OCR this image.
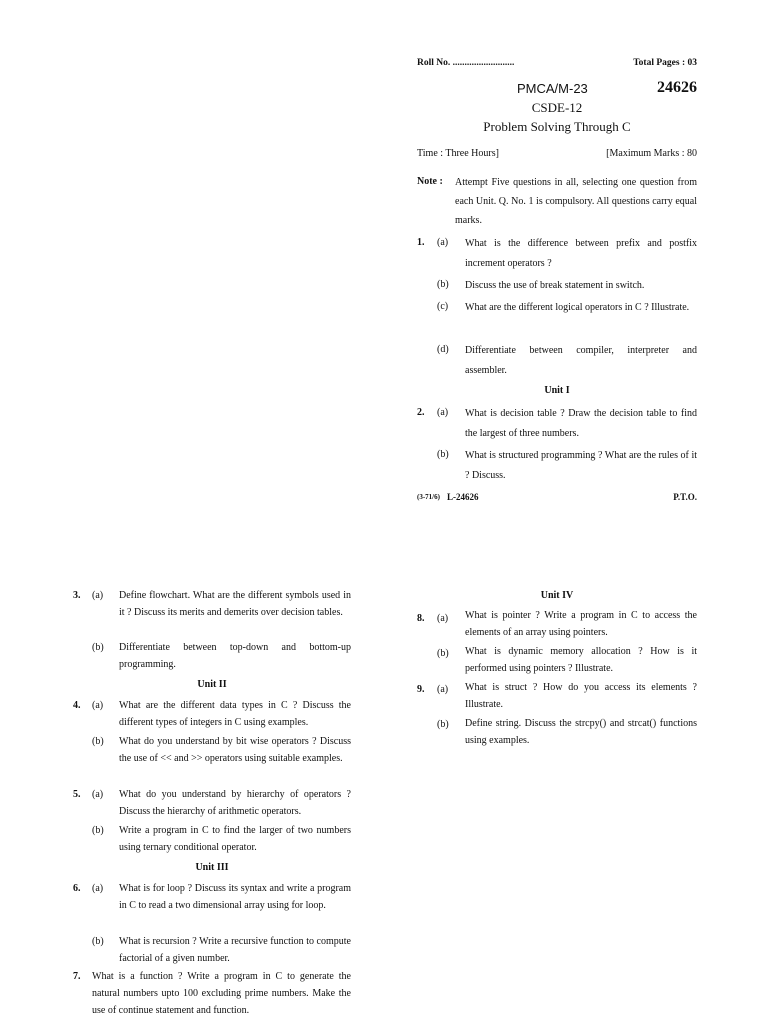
Roll No. ..........................	Total Pages : 03
PMCA/M-23	24626
CSDE-12
Problem Solving Through C
Time : Three Hours]	[Maximum Marks : 80
Note : Attempt Five questions in all, selecting one question from each Unit. Q. No. 1 is compulsory. All questions carry equal marks.
1. (a) What is the difference between prefix and postfix increment operators ?
(b) Discuss the use of break statement in switch.
(c) What are the different logical operators in C ? Illustrate.
(d) Differentiate between compiler, interpreter and assembler.
Unit I
2. (a) What is decision table ? Draw the decision table to find the largest of three numbers.
(b) What is structured programming ? What are the rules of it ? Discuss.
(3-71/6) L-24626	P.T.O.
3. (a) Define flowchart. What are the different symbols used in it ? Discuss its merits and demerits over decision tables.
(b) Differentiate between top-down and bottom-up programming.
Unit II
4. (a) What are the different data types in C ? Discuss the different types of integers in C using examples.
(b) What do you understand by bit wise operators ? Discuss the use of << and >> operators using suitable examples.
5. (a) What do you understand by hierarchy of operators ? Discuss the hierarchy of arithmetic operators.
(b) Write a program in C to find the larger of two numbers using ternary conditional operator.
Unit III
6. (a) What is for loop ? Discuss its syntax and write a program in C to read a two dimensional array using for loop.
(b) What is recursion ? Write a recursive function to compute factorial of a given number.
7. What is a function ? Write a program in C to generate the natural numbers upto 100 excluding prime numbers. Make the use of continue statement and function.
Unit IV
8. (a) What is pointer ? Write a program in C to access the elements of an array using pointers.
(b) What is dynamic memory allocation ? How is it performed using pointers ? Illustrate.
9. (a) What is struct ? How do you access its elements ? Illustrate.
(b) Define string. Discuss the strcpy() and strcat() functions using examples.
